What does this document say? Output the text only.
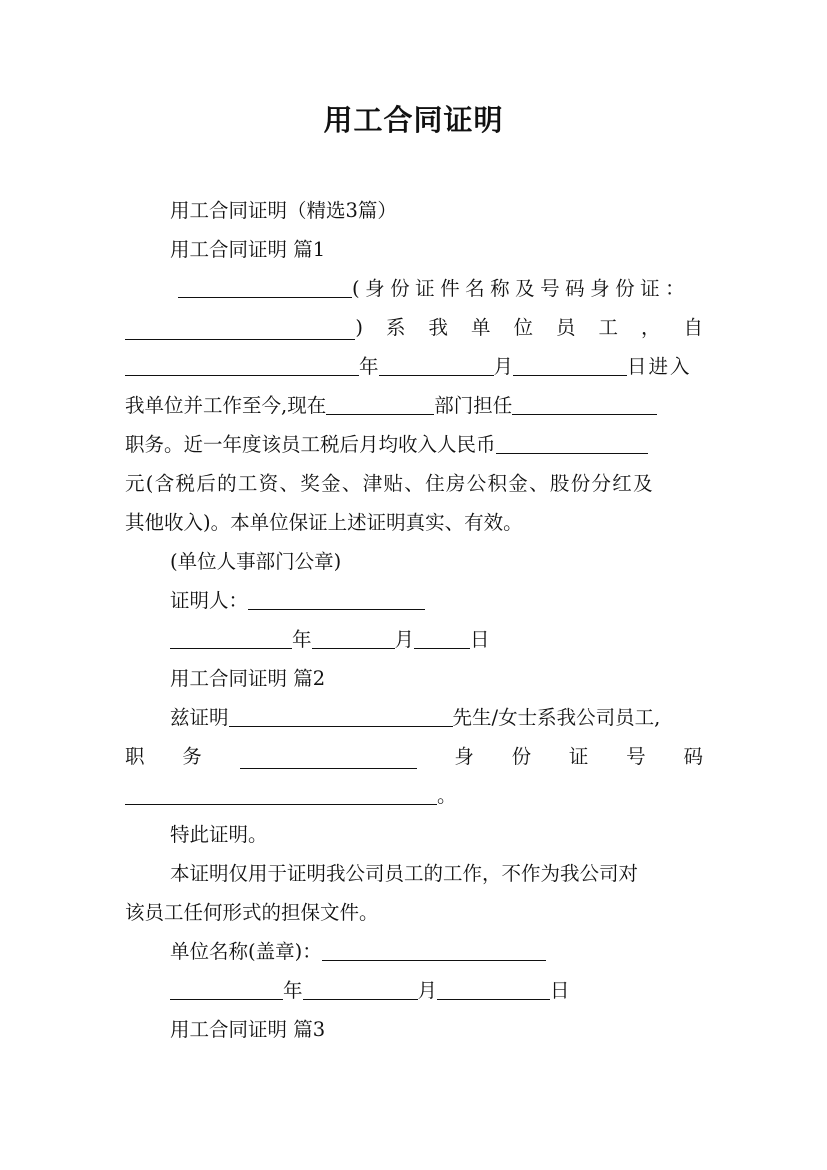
用工合同证明
用工合同证明（精选3篇）
用工合同证明 篇1
(身份证件名称及号码身份证：
)系我单位员工，自
年	月	日进入
我单位并工作至今,现在	部门担任
职务。近一年度该员工税后月均收入人民币
元(含税后的工资、奖金、津贴、住房公积金、股份分红及
其他收入)。本单位保证上述证明真实、有效。
(单位人事部门公章)
证明人：
年	月	日
用工合同证明 篇2
兹证明	先生/女士系我公司员工,
职 务	身 份 证 号 码
。
特此证明。
本证明仅用于证明我公司员工的工作，不作为我公司对
该员工任何形式的担保文件。
单位名称(盖章)：
年	月	日
用工合同证明 篇3
